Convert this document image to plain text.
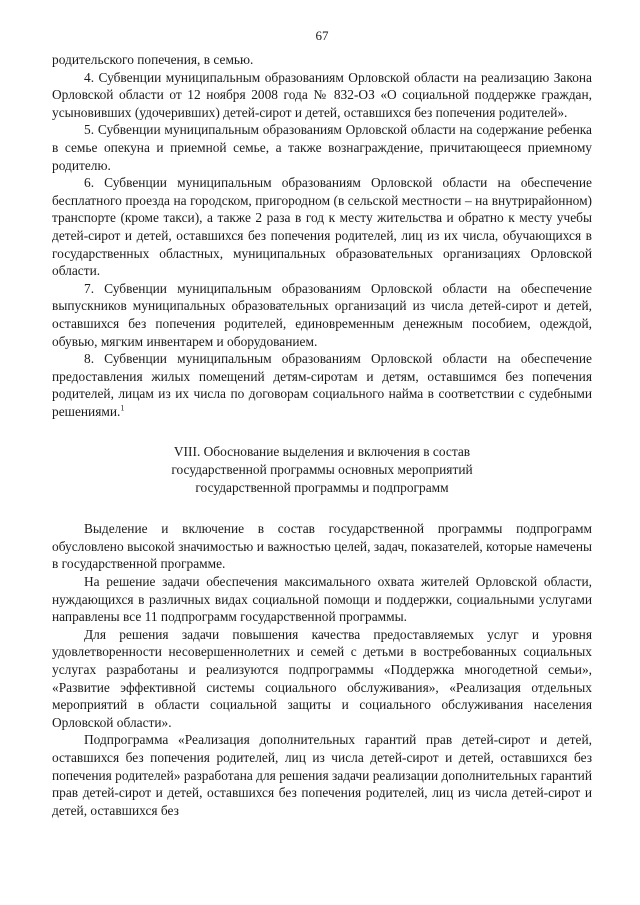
67

родительского попечения, в семью.

4. Субвенции муниципальным образованиям Орловской области на реализацию Закона Орловской области от 12 ноября 2008 года № 832-ОЗ «О социальной поддержке граждан, усыновивших (удочеривших) детей-сирот и детей, оставшихся без попечения родителей».

5. Субвенции муниципальным образованиям Орловской области на содержание ребенка в семье опекуна и приемной семье, а также вознаграждение, причитающееся приемному родителю.

6. Субвенции муниципальным образованиям Орловской области на обеспечение бесплатного проезда на городском, пригородном (в сельской местности – на внутрирайонном) транспорте (кроме такси), а также 2 раза в год к месту жительства и обратно к месту учебы детей-сирот и детей, оставшихся без попечения родителей, лиц из их числа, обучающихся в государственных областных, муниципальных образовательных организациях Орловской области.

7. Субвенции муниципальным образованиям Орловской области на обеспечение выпускников муниципальных образовательных организаций из числа детей-сирот и детей, оставшихся без попечения родителей, единовременным денежным пособием, одеждой, обувью, мягким инвентарем и оборудованием.

8. Субвенции муниципальным образованиям Орловской области на обеспечение предоставления жилых помещений детям-сиротам и детям, оставшимся без попечения родителей, лицам из их числа по договорам социального найма в соответствии с судебными решениями.$^1$

VIII. Обоснование выделения и включения в состав
государственной программы основных мероприятий
государственной программы и подпрограмм

Выделение и включение в состав государственной программы подпрограмм обусловлено высокой значимостью и важностью целей, задач, показателей, которые намечены в государственной программе.

На решение задачи обеспечения максимального охвата жителей Орловской области, нуждающихся в различных видах социальной помощи и поддержки, социальными услугами направлены все 11 подпрограмм государственной программы.

Для решения задачи повышения качества предоставляемых услуг и уровня удовлетворенности несовершеннолетних и семей с детьми в востребованных социальных услугах разработаны и реализуются подпрограммы «Поддержка многодетной семьи», «Развитие эффективной системы социального обслуживания», «Реализация отдельных мероприятий в области социальной защиты и социального обслуживания населения Орловской области».

Подпрограмма «Реализация дополнительных гарантий прав детей-сирот и детей, оставшихся без попечения родителей, лиц из числа детей-сирот и детей, оставшихся без попечения родителей» разработана для решения задачи реализации дополнительных гарантий прав детей-сирот и детей, оставшихся без попечения родителей, лиц из числа детей-сирот и детей, оставшихся без
